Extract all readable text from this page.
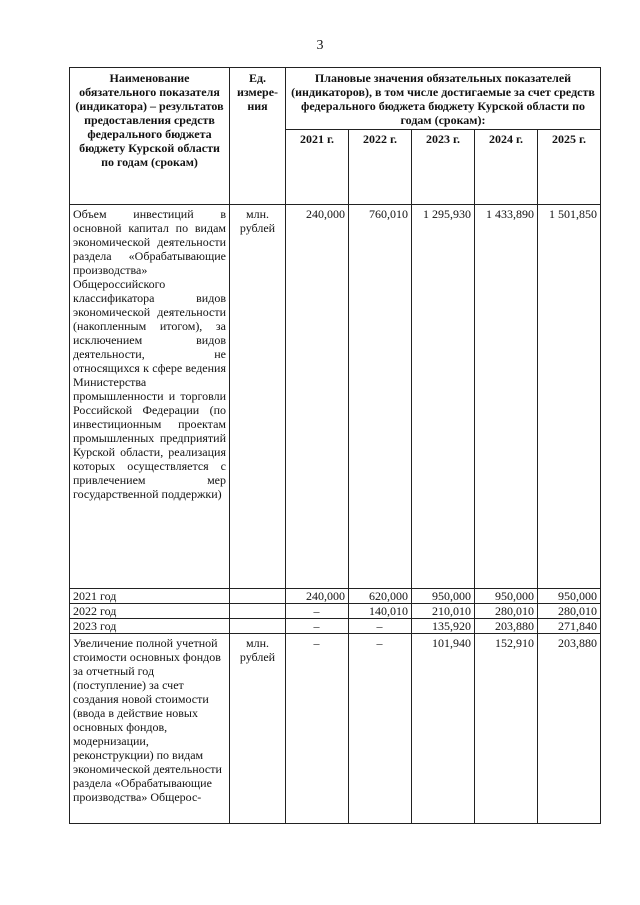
3
Наименование обязательного показателя (индикатора) – результатов предоставления средств федерального бюджета бюджету Курской области по годам (срокам)	Ед. измере-ния	Плановые значения обязательных показателей (индикаторов), в том числе достигаемые за счет средств федерального бюджета бюджету Курской области по годам (срокам):				
		2021 г.	2022 г.	2023 г.	2024 г.	2025 г.
Объем инвестиций в основной капитал по видам экономической деятельности раздела «Обрабатывающие производства» Общероссийского классификатора видов экономической деятельности (накопленным итогом), за исключением видов деятельности, не относящихся к сфере ведения Министерства промышленности и торговли Российской Федерации (по инвестиционным проектам промышленных предприятий Курской области, реализация которых осуществляется с привлечением мер государственной поддержки)	млн. рублей	240,000	760,010	1 295,930	1 433,890	1 501,850
2021 год		240,000	620,000	950,000	950,000	950,000
2022 год		–	140,010	210,010	280,010	280,010
2023 год		–	–	135,920	203,880	271,840
Увеличение полной учетной стоимости основных фондов за отчетный год (поступление) за счет создания новой стоимости (ввода в действие новых основных фондов, модернизации, реконструкции) по видам экономической деятельности раздела «Обрабатывающие производства» Общерос-	млн. рублей	–	–	101,940	152,910	203,880
